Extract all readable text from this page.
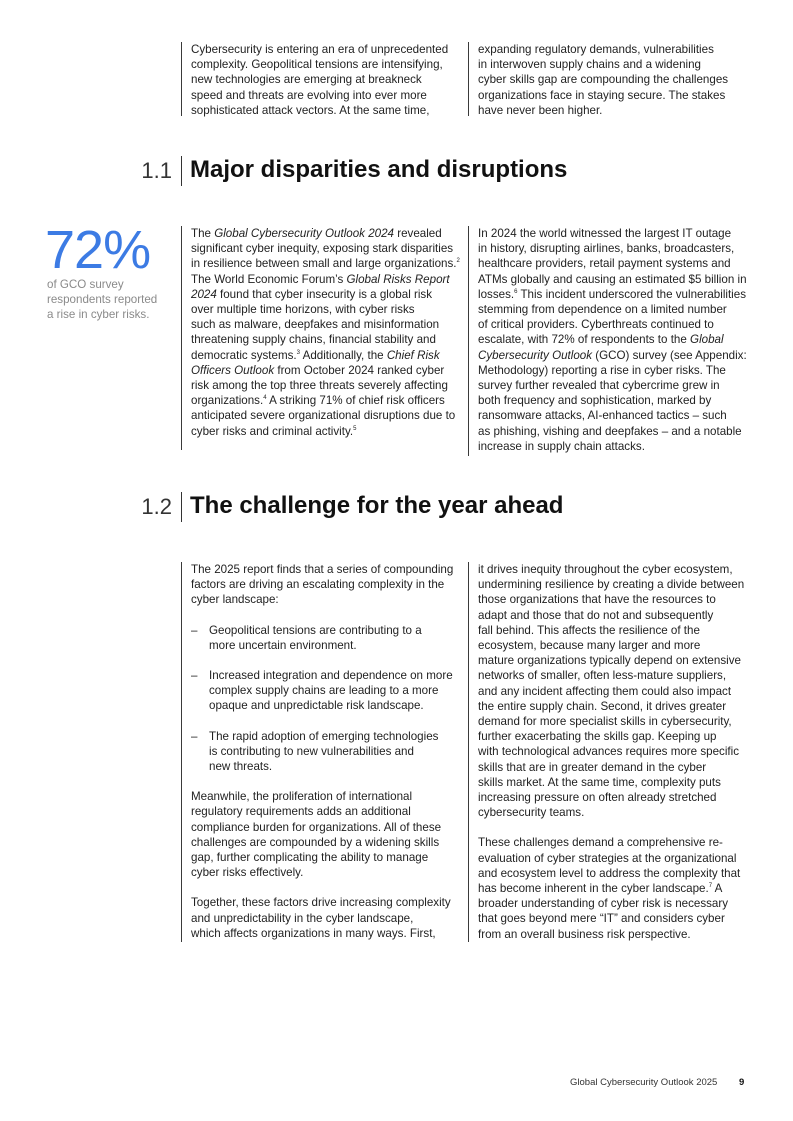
Cybersecurity is entering an era of unprecedented

complexity. Geopolitical tensions are intensifying,

new technologies are emerging at breakneck

speed and threats are evolving into ever more

sophisticated attack vectors. At the same time,

expanding regulatory demands, vulnerabilities

in interwoven supply chains and a widening

cyber skills gap are compounding the challenges

organizations face in staying secure. The stakes

have never been higher.

1.1 Major disparities and disruptions
72%

of GCO survey

respondents reported

a rise in cyber risks.

The Global Cybersecurity Outlook 2024 revealed

significant cyber inequity, exposing stark disparities

in resilience between small and large organizations.$^2$

The World Economic Forum’s Global Risks Report

2024 found that cyber insecurity is a global risk

over multiple time horizons, with cyber risks

such as malware, deepfakes and misinformation

threatening supply chains, financial stability and

democratic systems.$^3$ Additionally, the Chief Risk

Officers Outlook from October 2024 ranked cyber

risk among the top three threats severely affecting

organizations.$^4$ A striking 71% of chief risk officers

anticipated severe organizational disruptions due to

cyber risks and criminal activity.$^5$

In 2024 the world witnessed the largest IT outage

in history, disrupting airlines, banks, broadcasters,

healthcare providers, retail payment systems and

ATMs globally and causing an estimated $5 billion in

losses.$^6$ This incident underscored the vulnerabilities

stemming from dependence on a limited number

of critical providers. Cyberthreats continued to

escalate, with 72% of respondents to the Global

Cybersecurity Outlook (GCO) survey (see Appendix:

Methodology) reporting a rise in cyber risks. The

survey further revealed that cybercrime grew in

both frequency and sophistication, marked by

ransomware attacks, AI-enhanced tactics – such

as phishing, vishing and deepfakes – and a notable

increase in supply chain attacks.

1.2 The challenge for the year ahead

The 2025 report finds that a series of compounding

factors are driving an escalating complexity in the

cyber landscape:

– Geopolitical tensions are contributing to a

more uncertain environment.

– Increased integration and dependence on more

complex supply chains are leading to a more

opaque and unpredictable risk landscape.

– The rapid adoption of emerging technologies

is contributing to new vulnerabilities and

new threats.

Meanwhile, the proliferation of international

regulatory requirements adds an additional

compliance burden for organizations. All of these

challenges are compounded by a widening skills

gap, further complicating the ability to manage

cyber risks effectively.

Together, these factors drive increasing complexity

and unpredictability in the cyber landscape,

which affects organizations in many ways. First,

it drives inequity throughout the cyber ecosystem,

undermining resilience by creating a divide between

those organizations that have the resources to

adapt and those that do not and subsequently

fall behind. This affects the resilience of the

ecosystem, because many larger and more

mature organizations typically depend on extensive

networks of smaller, often less-mature suppliers,

and any incident affecting them could also impact

the entire supply chain. Second, it drives greater

demand for more specialist skills in cybersecurity,

further exacerbating the skills gap. Keeping up

with technological advances requires more specific

skills that are in greater demand in the cyber

skills market. At the same time, complexity puts

increasing pressure on often already stretched

cybersecurity teams.

These challenges demand a comprehensive re-

evaluation of cyber strategies at the organizational

and ecosystem level to address the complexity that

has become inherent in the cyber landscape.$^7$ A

broader understanding of cyber risk is necessary

that goes beyond mere “IT” and considers cyber

from an overall business risk perspective.

Global Cybersecurity Outlook 2025 9
